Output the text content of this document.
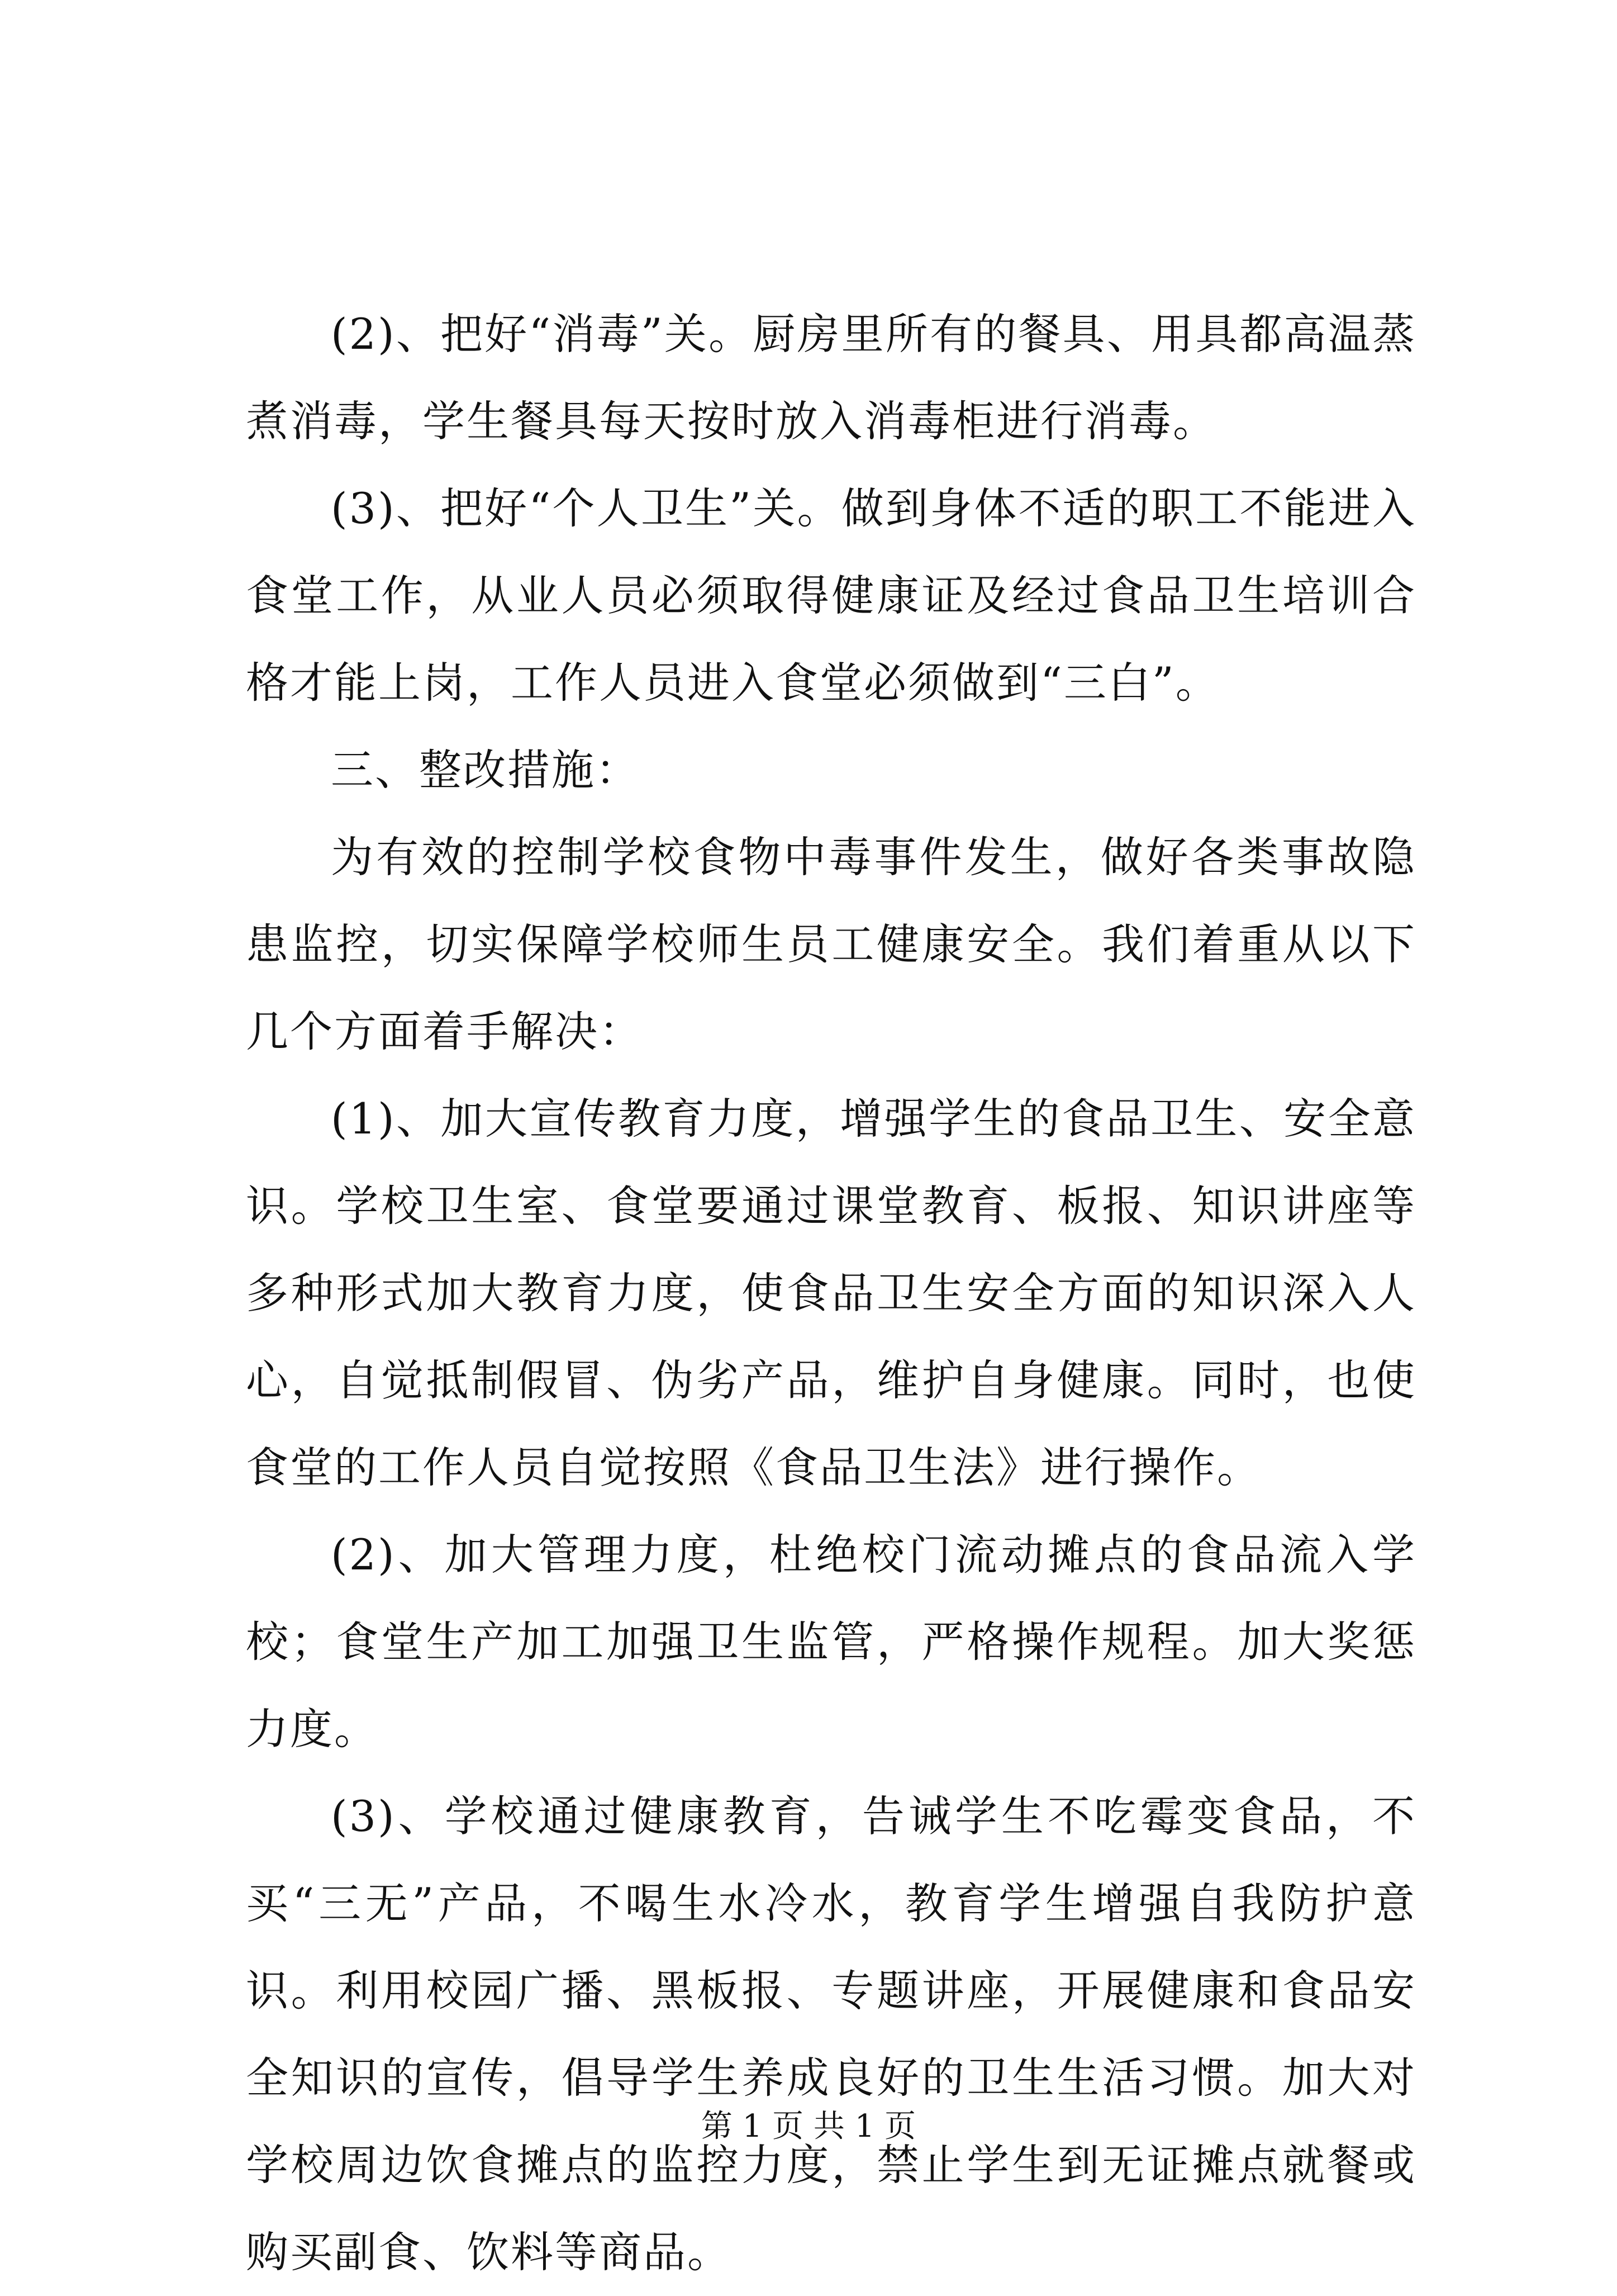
(2)、把好“消毒”关。厨房里所有的餐具、用具都高温蒸煮消毒，学生餐具每天按时放入消毒柜进行消毒。

(3)、把好“个人卫生”关。做到身体不适的职工不能进入食堂工作，从业人员必须取得健康证及经过食品卫生培训合格才能上岗，工作人员进入食堂必须做到“三白”。

三、整改措施：

为有效的控制学校食物中毒事件发生，做好各类事故隐患监控，切实保障学校师生员工健康安全。我们着重从以下几个方面着手解决：

(1)、加大宣传教育力度，增强学生的食品卫生、安全意识。学校卫生室、食堂要通过课堂教育、板报、知识讲座等多种形式加大教育力度，使食品卫生安全方面的知识深入人心，自觉抵制假冒、伪劣产品，维护自身健康。同时，也使食堂的工作人员自觉按照《食品卫生法》进行操作。

(2)、加大管理力度，杜绝校门流动摊点的食品流入学校；食堂生产加工加强卫生监管，严格操作规程。加大奖惩力度。

(3)、学校通过健康教育，告诫学生不吃霉变食品，不买“三无”产品，不喝生水冷水，教育学生增强自我防护意识。利用校园广播、黑板报、专题讲座，开展健康和食品安全知识的宣传，倡导学生养成良好的卫生生活习惯。加大对学校周边饮食摊点的监控力度，禁止学生到无证摊点就餐或购买副食、饮料等商品。

第 1 页 共 1 页
